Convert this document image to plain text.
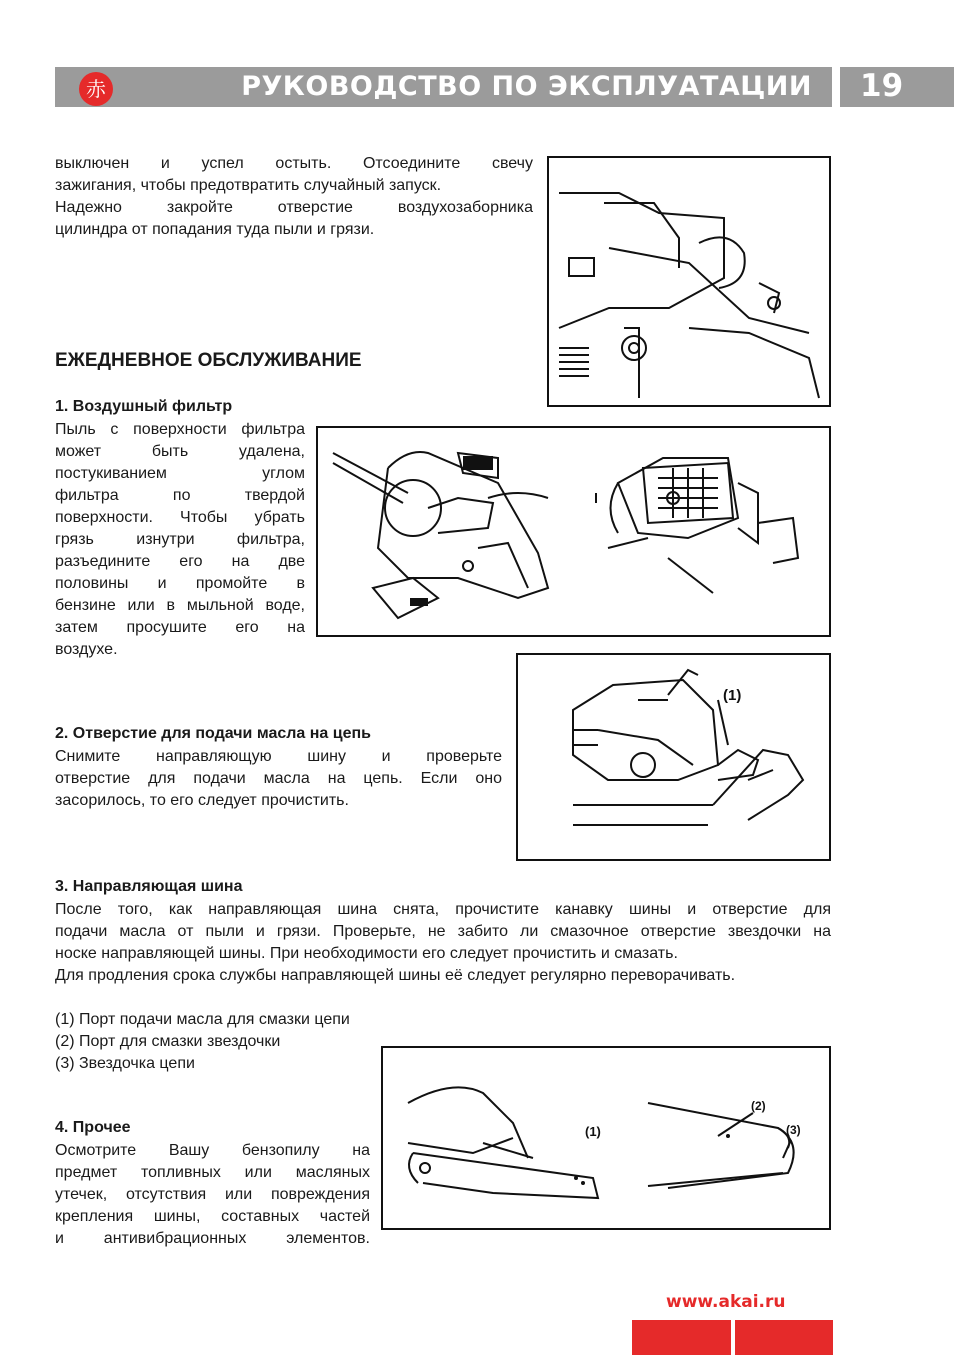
赤	РУКОВОДСТВО ПО ЭКСПЛУАТАЦИИ 19
выключен и успел остыть. Отсоедините свечу
зажигания, чтобы предотвратить случайный запуск.
Надежно закройте отверстие воздухозаборника
цилиндра от попадания туда пыли и грязи.
ЕЖЕДНЕВНОЕ ОБСЛУЖИВАНИЕ
1. Воздушный фильтр
Пыль с поверхности фильтра
может быть удалена,
постукиванием углом
фильтра по твердой
поверхности. Чтобы убрать
грязь изнутри фильтра,
разъедините его на две
половины и промойте в
бензине или в мыльной воде,
затем просушите его на
воздухе.
(1)
2. Отверстие для подачи масла на цепь
Снимите направляющую шину и проверьте
отверстие для подачи масла на цепь. Если оно
засорилось, то его следует прочистить.
3. Направляющая шина
После того, как направляющая шина снята, прочистите канавку шины и отверстие для
подачи масла от пыли и грязи. Проверьте, не забито ли смазочное отверстие звездочки на
носке направляющей шины. При необходимости его следует прочистить и смазать.
Для продления срока службы направляющей шины её следует регулярно переворачивать.
(1) Порт подачи масла для смазки цепи
(2) Порт для смазки звездочки
(3) Звездочка цепи
(1)
(2)
(3)
4. Прочее
Осмотрите Вашу бензопилу на
предмет топливных или масляных
утечек, отсутствия или повреждения
крепления шины, составных частей
и антивибрационных элементов.
www.akai.ru
